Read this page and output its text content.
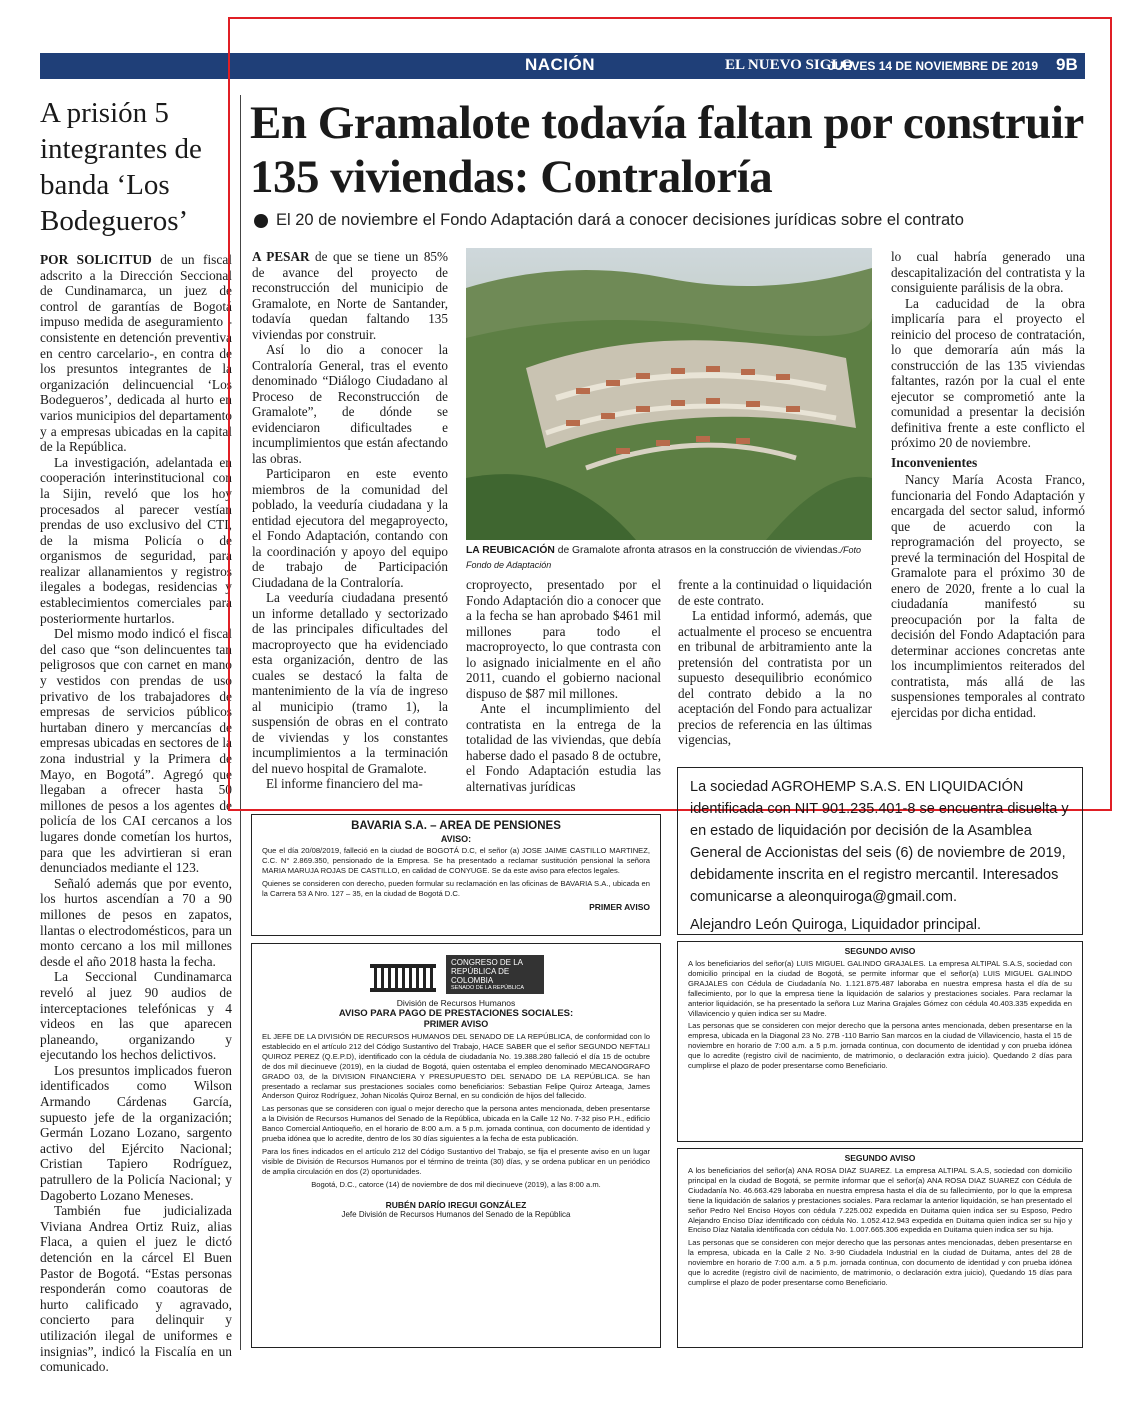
NACIÓN	EL NUEVO SIGLO
JUEVES 14 DE NOVIEMBRE DE 2019 9B
A prisión 5 integrantes de banda ‘Los Bodegueros’

POR SOLICITUD de un fiscal adscrito a la Dirección Seccional de Cundinamarca, un juez de control de garantías de Bogotá impuso medida de aseguramiento -consistente en detención preventiva en centro carcelario-, en contra de los presuntos integrantes de la organización delincuencial ‘Los Bodegueros’, dedicada al hurto en varios municipios del departamento y a empresas ubicadas en la capital de la República.

La investigación, adelantada en cooperación interinstitucional con la Sijin, reveló que los hoy procesados al parecer vestían prendas de uso exclusivo del CTI, de la misma Policía o de organismos de seguridad, para realizar allanamientos y registros ilegales a bodegas, residencias y establecimientos comerciales para posteriormente hurtarlos.

Del mismo modo indicó el fiscal del caso que “son delincuentes tan peligrosos que con carnet en mano y vestidos con prendas de uso privativo de los trabajadores de empresas de servicios públicos hurtaban dinero y mercancías de empresas ubicadas en sectores de la zona industrial y la Primera de Mayo, en Bogotá”. Agregó que llegaban a ofrecer hasta 50 millones de pesos a los agentes de policía de los CAI cercanos a los lugares donde cometían los hurtos, para que les advirtieran si eran denunciados mediante el 123.

Señaló además que por evento, los hurtos ascendían a 70 a 90 millones de pesos en zapatos, llantas o electrodomésticos, para un monto cercano a los mil millones desde el año 2018 hasta la fecha.

La Seccional Cundinamarca reveló al juez 90 audios de interceptaciones telefónicas y 4 videos en las que aparecen planeando, organizando y ejecutando los hechos delictivos.

Los presuntos implicados fueron identificados como Wilson Armando Cárdenas García, supuesto jefe de la organización; Germán Lozano Lozano, sargento activo del Ejército Nacional; Cristian Tapiero Rodríguez, patrullero de la Policía Nacional; y Dagoberto Lozano Meneses.

También fue judicializada Viviana Andrea Ortiz Ruiz, alias Flaca, a quien el juez le dictó detención en la cárcel El Buen Pastor de Bogotá. “Estas personas responderán como coautoras de hurto calificado y agravado, concierto para delinquir y utilización ilegal de uniformes e insignias”, indicó la Fiscalía en un comunicado.

En Gramalote todavía faltan por construir 135 viviendas: Contraloría
El 20 de noviembre el Fondo Adaptación dará a conocer decisiones jurídicas sobre el contrato

A PESAR de que se tiene un 85% de avance del proyecto de reconstrucción del municipio de Gramalote, en Norte de Santander, todavía quedan faltando 135 viviendas por construir.

Así lo dio a conocer la Contraloría General, tras el evento denominado “Diálogo Ciudadano al Proceso de Reconstrucción de Gramalote”, de dónde se evidenciaron dificultades e incumplimientos que están afectando las obras.

Participaron en este evento miembros de la comunidad del poblado, la veeduría ciudadana y la entidad ejecutora del megaproyecto, el Fondo Adaptación, contando con la coordinación y apoyo del equipo de trabajo de Participación Ciudadana de la Contraloría.

La veeduría ciudadana presentó un informe detallado y sectorizado de las principales dificultades del macroproyecto que ha evidenciado esta organización, dentro de las cuales se destacó la falta de mantenimiento de la vía de ingreso al municipio (tramo 1), la suspensión de obras en el contrato de viviendas y los constantes incumplimientos a la terminación del nuevo hospital de Gramalote.

El informe financiero del ma-

LA REUBICACIÓN de Gramalote afronta atrasos en la construcción de viviendas./Foto Fondo de Adaptación

croproyecto, presentado por el Fondo Adaptación dio a conocer que a la fecha se han aprobado $461 mil millones para todo el macroproyecto, lo que contrasta con lo asignado inicialmente en el año 2011, cuando el gobierno nacional dispuso de $87 mil millones.

Ante el incumplimiento del contratista en la entrega de la totalidad de las viviendas, que debía haberse dado el pasado 8 de octubre, el Fondo Adaptación estudia las alternativas jurídicas

frente a la continuidad o liquidación de este contrato.

La entidad informó, además, que actualmente el proceso se encuentra en tribunal de arbitramiento ante la pretensión del contratista por un supuesto desequilibrio económico del contrato debido a la no aceptación del Fondo para actualizar precios de referencia en las últimas vigencias,

lo cual habría generado una descapitalización del contratista y la consiguiente parálisis de la obra.

La caducidad de la obra implicaría para el proyecto el reinicio del proceso de contratación, lo que demoraría aún más la construcción de las 135 viviendas faltantes, razón por la cual el ente ejecutor se comprometió ante la comunidad a presentar la decisión definitiva frente a este conflicto el próximo 20 de noviembre.

Inconvenientes

Nancy María Acosta Franco, funcionaria del Fondo Adaptación y encargada del sector salud, informó que de acuerdo con la reprogramación del proyecto, se prevé la terminación del Hospital de Gramalote para el próximo 30 de enero de 2020, frente a lo cual la ciudadanía manifestó su preocupación por la falta de decisión del Fondo Adaptación para determinar acciones concretas ante los incumplimientos reiterados del contratista, más allá de las suspensiones temporales al contrato ejercidas por dicha entidad.

BAVARIA S.A. – AREA DE PENSIONES
AVISO:

Que el día 20/08/2019, falleció en la ciudad de BOGOTÁ D.C, el señor (a) JOSE JAIME CASTILLO MARTINEZ, C.C. N° 2.869.350, pensionado de la Empresa. Se ha presentado a reclamar sustitución pensional la señora MARIA MARUJA ROJAS DE CASTILLO, en calidad de CONYUGE. Se da este aviso para efectos legales.

Quienes se consideren con derecho, pueden formular su reclamación en las oficinas de BAVARIA S.A., ubicada en la Carrera 53 A Nro. 127 – 35, en la ciudad de Bogotá D.C.

PRIMER AVISO
La sociedad AGROHEMP S.A.S. EN LIQUIDACIÓN
identificada con NIT 901.235.401-8 se encuentra disuelta y en estado de liquidación por decisión de la Asamblea General de Accionistas del seis (6) de noviembre de 2019, debidamente inscrita en el registro mercantil. Interesados comunicarse a aleonquiroga@gmail.com.
Alejandro León Quiroga, Liquidador principal.
CONGRESO DE LA REPÚBLICA DE COLOMBIA
SENADO DE LA REPÚBLICA
División de Recursos Humanos
AVISO PARA PAGO DE PRESTACIONES SOCIALES:
PRIMER AVISO

EL JEFE DE LA DIVISIÓN DE RECURSOS HUMANOS DEL SENADO DE LA REPÚBLICA, de conformidad con lo establecido en el artículo 212 del Código Sustantivo del Trabajo, HACE SABER que el señor SEGUNDO NEFTALI QUIROZ PEREZ (Q.E.P.D), identificado con la cédula de ciudadanía No. 19.388.280 falleció el día 15 de octubre de dos mil diecinueve (2019), en la ciudad de Bogotá, quien ostentaba el empleo denominado MECANOGRAFO GRADO 03, de la DIVISION FINANCIERA Y PRESUPUESTO DEL SENADO DE LA REPÚBLICA. Se han presentado a reclamar sus prestaciones sociales como beneficiarios: Sebastian Felipe Quiroz Arteaga, James Anderson Quiroz Rodríguez, Johan Nicolás Quiroz Bernal, en su condición de hijos del fallecido.

Las personas que se consideren con igual o mejor derecho que la persona antes mencionada, deben presentarse a la División de Recursos Humanos del Senado de la República, ubicada en la Calle 12 No. 7-32 piso P.H., edificio Banco Comercial Antioqueño, en el horario de 8:00 a.m. a 5 p.m. jornada continua, con documento de identidad y prueba idónea que lo acredite, dentro de los 30 días siguientes a la fecha de esta publicación.

Para los fines indicados en el artículo 212 del Código Sustantivo del Trabajo, se fija el presente aviso en un lugar visible de División de Recursos Humanos por el término de treinta (30) días, y se ordena publicar en un periódico de amplia circulación en dos (2) oportunidades.

Bogotá, D.C., catorce (14) de noviembre de dos mil diecinueve (2019), a las 8:00 a.m.

RUBÉN DARÍO IREGUI GONZÁLEZ
Jefe División de Recursos Humanos del Senado de la República
SEGUNDO AVISO

A los beneficiarios del señor(a) LUIS MIGUEL GALINDO GRAJALES. La empresa ALTIPAL S.A.S, sociedad con domicilio principal en la ciudad de Bogotá, se permite informar que el señor(a) LUIS MIGUEL GALINDO GRAJALES con Cédula de Ciudadanía No. 1.121.875.487 laboraba en nuestra empresa hasta el día de su fallecimiento, por lo que la empresa tiene la liquidación de salarios y prestaciones sociales. Para reclamar la anterior liquidación, se ha presentado la señora Luz Marina Grajales Gómez con cédula 40.403.335 expedida en Villavicencio y quien indica ser su Madre.

Las personas que se consideren con mejor derecho que la persona antes mencionada, deben presentarse en la empresa, ubicada en la Diagonal 23 No. 27B -110 Barrio San marcos en la ciudad de Villavicencio, hasta el 15 de noviembre en horario de 7:00 a.m. a 5 p.m. jornada continua, con documento de identidad y con prueba idónea que lo acredite (registro civil de nacimiento, de matrimonio, o declaración extra juicio). Quedando 2 días para cumplirse el plazo de poder presentarse como Beneficiario.

SEGUNDO AVISO

A los beneficiarios del señor(a) ANA ROSA DIAZ SUAREZ. La empresa ALTIPAL S.A.S, sociedad con domicilio principal en la ciudad de Bogotá, se permite informar que el señor(a) ANA ROSA DIAZ SUAREZ con Cédula de Ciudadanía No. 46.663.429 laboraba en nuestra empresa hasta el día de su fallecimiento, por lo que la empresa tiene la liquidación de salarios y prestaciones sociales. Para reclamar la anterior liquidación, se han presentado el señor Pedro Nel Enciso Hoyos con cédula 7.225.002 expedida en Duitama quien indica ser su Esposo, Pedro Alejandro Enciso Díaz identificado con cédula No. 1.052.412.943 expedida en Duitama quien indica ser su hijo y Enciso Díaz Natalia identificada con cédula No. 1.007.665.306 expedida en Duitama quien indica ser su hija.

Las personas que se consideren con mejor derecho que las personas antes mencionadas, deben presentarse en la empresa, ubicada en la Calle 2 No. 3-90 Ciudadela Industrial en la ciudad de Duitama, antes del 28 de noviembre en horario de 7:00 a.m. a 5 p.m. jornada continua, con documento de identidad y con prueba idónea que lo acredite (registro civil de nacimiento, de matrimonio, o declaración extra juicio), Quedando 15 días para cumplirse el plazo de poder presentarse como Beneficiario.
